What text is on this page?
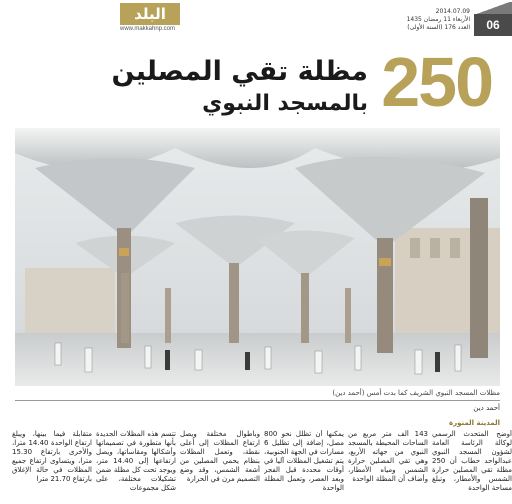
البلد
www.makkahnp.com
2014.07.09
الأربعاء 11 رمضان 1435
العدد 176 (السنة الأولى)	06
250
مظلة تقي المصلين
بالمسجد النبوي
مظلات المسجد النبوي الشريف كما بدت أمس (أحمد دين)
أحمد دين
المدينة المنورة
أوضح المتحدث الرسمي لوكالة الرئاسة العامة لشؤون المسجد النبوي عبدالواحد حطاب أن 250 مظلة تقي المصلين حرارة الشمس والأمطار، وتبلغ مساحة الواحدة
143 ألف متر مربع من الساحات المحيطة بالمسجد النبوي من جهاته الأربع، وهي تقي المصلين حرارة الشمس ومياه الأمطار، وأضاف أن المظلة الواحدة
يمكنها أن تظلل نحو 800 مصل، إضافة إلى تظليل 6 مسارات في الجهة الجنوبية، يتم تشغيل المظلات آليا في أوقات محددة قبل الفجر وبعد العصر، وتعمل المظلة الواحدة
وبأطوال مختلفة ويصل ارتفاع المظلات إلى أعلى نقطة، وتعمل المظلات بنظام يحمي المصلين من أشعة الشمس، وقد وضع التصميم مرن في الحرارة
تتسم هذه المظلات الجديدة بأنها متطورة في تصميماتها وأشكالها ومقاساتها، ويصل ارتفاعها إلى 14.40 متر، ويوجد تحت كل مظلة ضمن تشكيلات مختلفة، على شكل مجموعات
متقابلة فيما بينها، ويبلغ ارتفاع الواحدة 14.40 مترا، والأخرى بارتفاع 15.30 مترا، ويتساوى ارتفاع جميع المظلات في حالة الإغلاق بارتفاع 21.70 مترا
